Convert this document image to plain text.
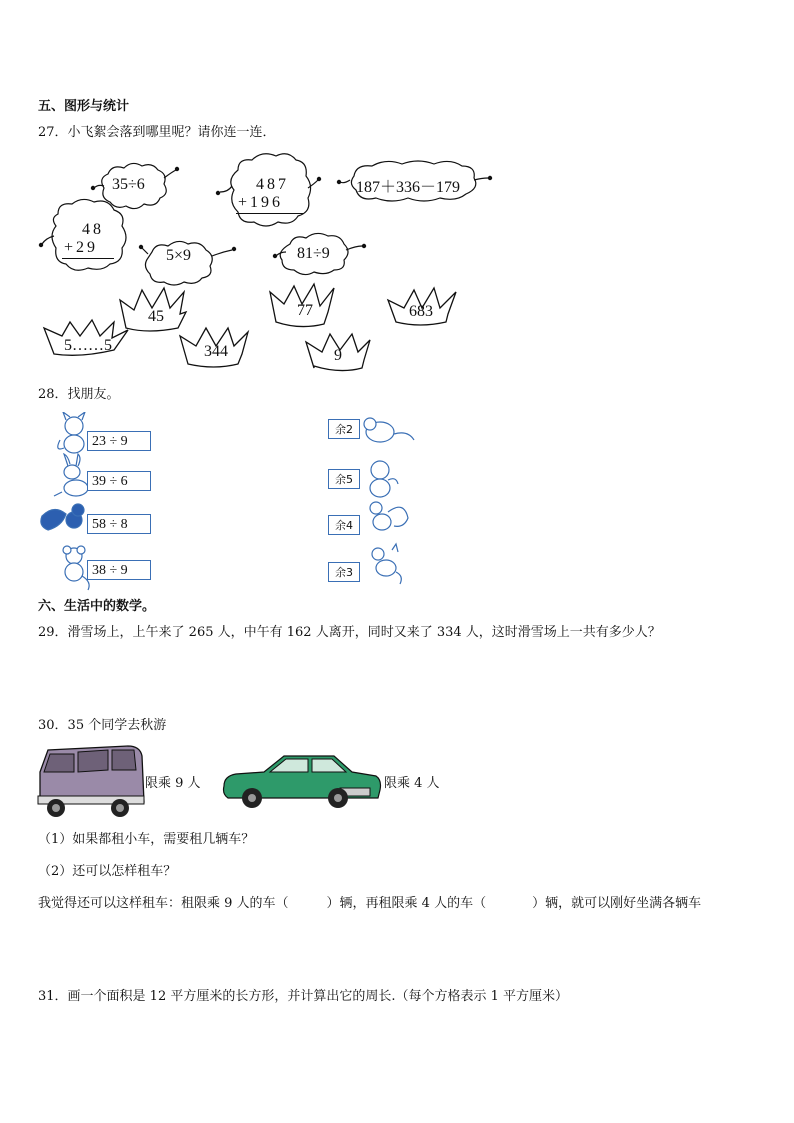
五、图形与统计
27．小飞絮会落到哪里呢？请你连一连．
35÷6	487
+196
187＋336－179
48
+29	5×9	81÷9
45	77	683
5……5	344	9
28．找朋友。
23 ÷ 9
39 ÷ 6
58 ÷ 8
38 ÷ 9
余2
余5
余4
余3
六、生活中的数学。
29．滑雪场上，上午来了 265 人，中午有 162 人离开，同时又来了 334 人，这时滑雪场上一共有多少人？
30．35 个同学去秋游
限乘 9 人	限乘 4 人
（1）如果都租小车，需要租几辆车？
（2）还可以怎样租车？
我觉得还可以这样租车：租限乘 9 人的车（	）辆，再租限乘 4 人的车（	）辆，就可以刚好坐满各辆车
31．画一个面积是 12 平方厘米的长方形，并计算出它的周长.（每个方格表示 1 平方厘米）
